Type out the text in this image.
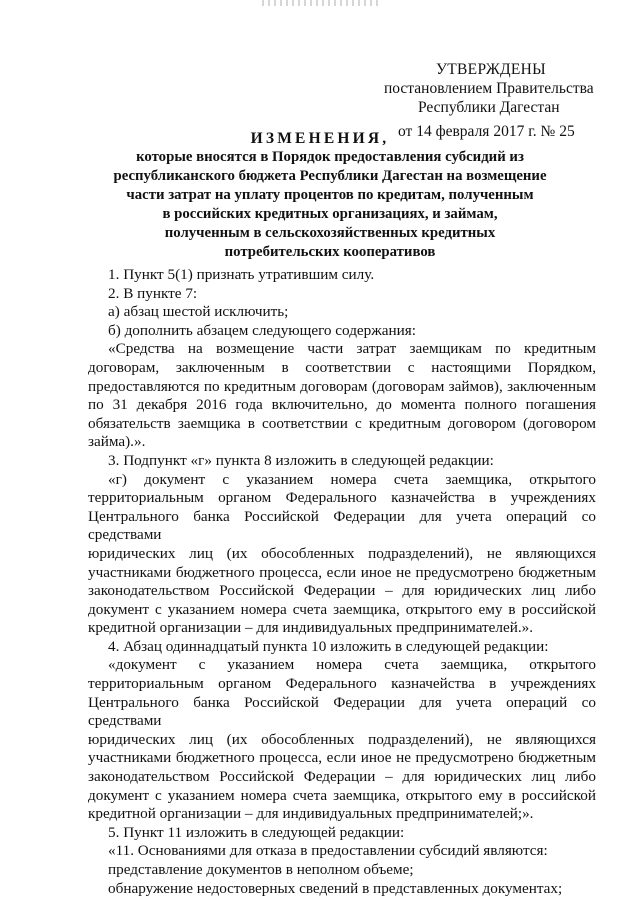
УТВЕРЖДЕНЫ
постановлением Правительства
Республики Дагестан
от 14 февраля 2017 г. № 25
ИЗМЕНЕНИЯ,
которые вносятся в Порядок предоставления субсидий из
республиканского бюджета Республики Дагестан на возмещение
части затрат на уплату процентов по кредитам, полученным
в российских кредитных организациях, и займам,
полученным в сельскохозяйственных кредитных
потребительских кооперативов

1. Пункт 5(1) признать утратившим силу.

2. В пункте 7:

а) абзац шестой исключить;

б) дополнить абзацем следующего содержания:

«Средства на возмещение части затрат заемщикам по кредитным

договорам, заключенным в соответствии с настоящими Порядком,

предоставляются по кредитным договорам (договорам займов), заключенным

по 31 декабря 2016 года включительно, до момента полного погашения

обязательств заемщика в соответствии с кредитным договором (договором

займа).».

3. Подпункт «г» пункта 8 изложить в следующей редакции:

«г) документ с указанием номера счета заемщика, открытого

территориальным органом Федерального казначейства в учреждениях

Центрального банка Российской Федерации для учета операций со средствами

юридических лиц (их обособленных подразделений), не являющихся

участниками бюджетного процесса, если иное не предусмотрено бюджетным

законодательством Российской Федерации – для юридических лиц либо

документ с указанием номера счета заемщика, открытого ему в российской

кредитной организации – для индивидуальных предпринимателей.».

4. Абзац одиннадцатый пункта 10 изложить в следующей редакции:

«документ с указанием номера счета заемщика, открытого

территориальным органом Федерального казначейства в учреждениях

Центрального банка Российской Федерации для учета операций со средствами

юридических лиц (их обособленных подразделений), не являющихся

участниками бюджетного процесса, если иное не предусмотрено бюджетным

законодательством Российской Федерации – для юридических лиц либо

документ с указанием номера счета заемщика, открытого ему в российской

кредитной организации – для индивидуальных предпринимателей;».

5. Пункт 11 изложить в следующей редакции:

«11. Основаниями для отказа в предоставлении субсидий являются:

представление документов в неполном объеме;

обнаружение недостоверных сведений в представленных документах;
